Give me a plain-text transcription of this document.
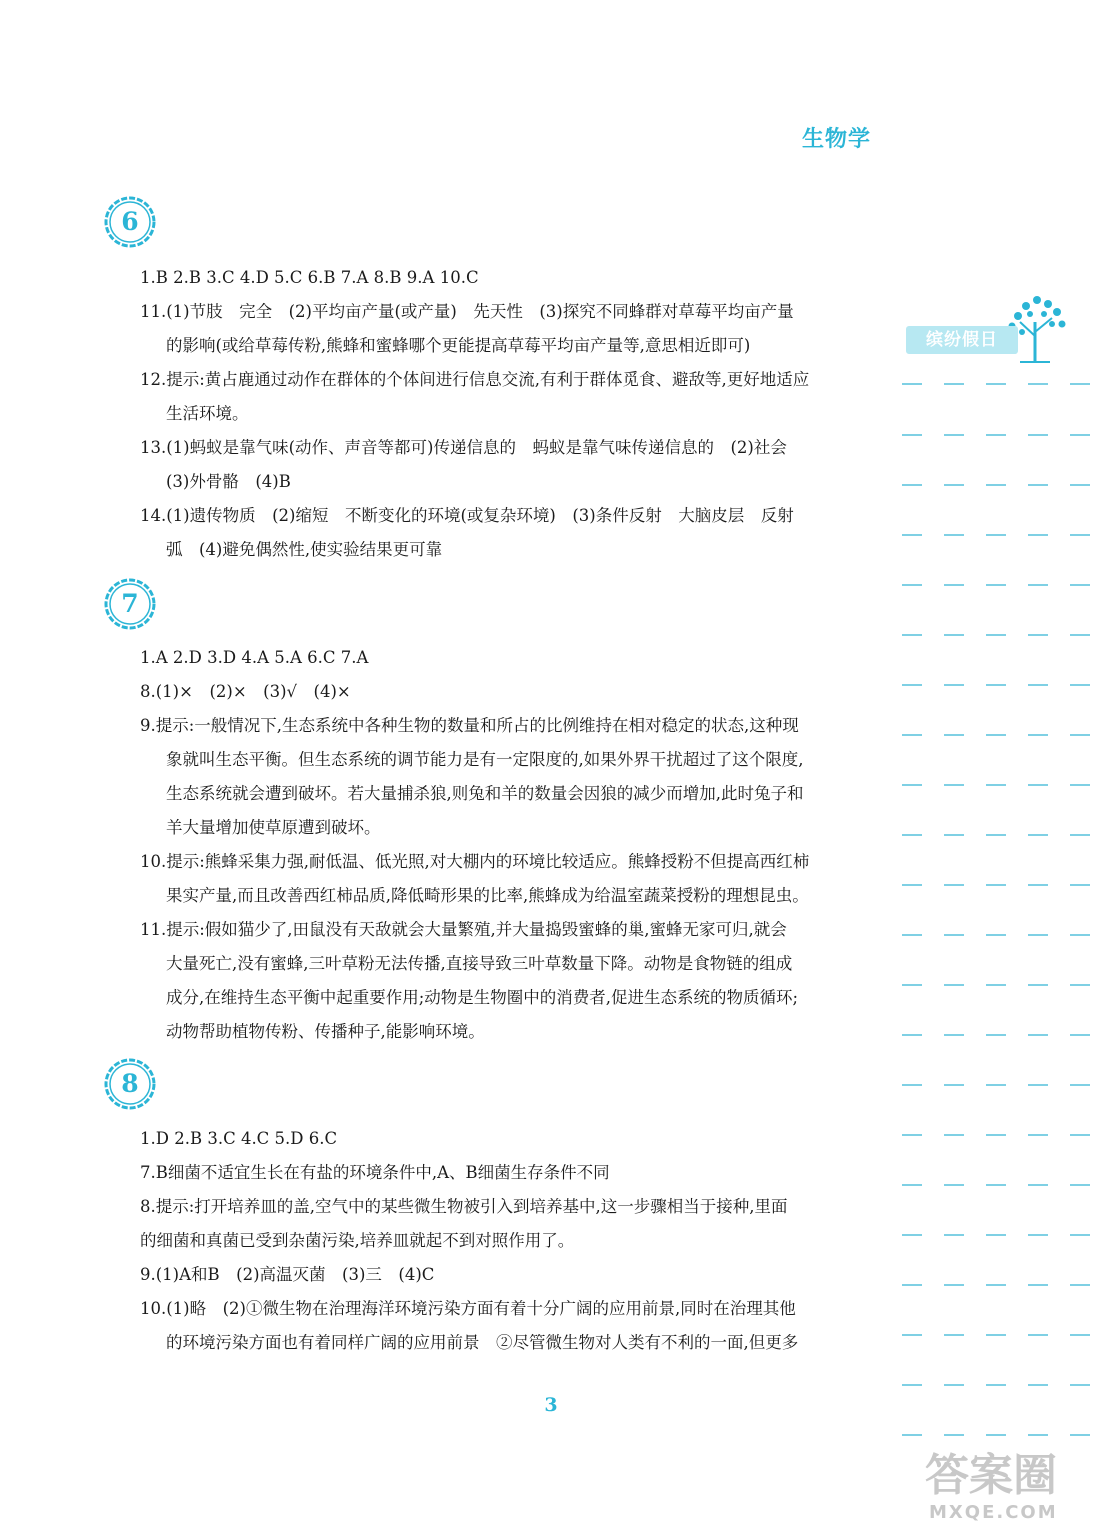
生物学
缤纷假日
6
1.B 2.B 3.C 4.D 5.C 6.B 7.A 8.B 9.A 10.C
11.(1)节肢　完全　(2)平均亩产量(或产量)　先天性　(3)探究不同蜂群对草莓平均亩产量
的影响(或给草莓传粉,熊蜂和蜜蜂哪个更能提高草莓平均亩产量等,意思相近即可)
12.提示:黄占鹿通过动作在群体的个体间进行信息交流,有利于群体觅食、避敌等,更好地适应
生活环境。
13.(1)蚂蚁是靠气味(动作、声音等都可)传递信息的　蚂蚁是靠气味传递信息的　(2)社会
(3)外骨骼　(4)B
14.(1)遗传物质　(2)缩短　不断变化的环境(或复杂环境)　(3)条件反射　大脑皮层　反射
弧　(4)避免偶然性,使实验结果更可靠
7
1.A 2.D 3.D 4.A 5.A 6.C 7.A
8.(1)×　(2)×　(3)√　(4)×
9.提示:一般情况下,生态系统中各种生物的数量和所占的比例维持在相对稳定的状态,这种现
象就叫生态平衡。但生态系统的调节能力是有一定限度的,如果外界干扰超过了这个限度,
生态系统就会遭到破坏。若大量捕杀狼,则兔和羊的数量会因狼的减少而增加,此时兔子和
羊大量增加使草原遭到破坏。
10.提示:熊蜂采集力强,耐低温、低光照,对大棚内的环境比较适应。熊蜂授粉不但提高西红柿
果实产量,而且改善西红柿品质,降低畸形果的比率,熊蜂成为给温室蔬菜授粉的理想昆虫。
11.提示:假如猫少了,田鼠没有天敌就会大量繁殖,并大量捣毁蜜蜂的巢,蜜蜂无家可归,就会
大量死亡,没有蜜蜂,三叶草粉无法传播,直接导致三叶草数量下降。动物是食物链的组成
成分,在维持生态平衡中起重要作用;动物是生物圈中的消费者,促进生态系统的物质循环;
动物帮助植物传粉、传播种子,能影响环境。
8
1.D 2.B 3.C 4.C 5.D 6.C
7.B细菌不适宜生长在有盐的环境条件中,A、B细菌生存条件不同
8.提示:打开培养皿的盖,空气中的某些微生物被引入到培养基中,这一步骤相当于接种,里面
的细菌和真菌已受到杂菌污染,培养皿就起不到对照作用了。
9.(1)A和B　(2)高温灭菌　(3)三　(4)C
10.(1)略　(2)①微生物在治理海洋环境污染方面有着十分广阔的应用前景,同时在治理其他
的环境污染方面也有着同样广阔的应用前景　②尽管微生物对人类有不利的一面,但更多
3
答案圈
MXQE.COM
